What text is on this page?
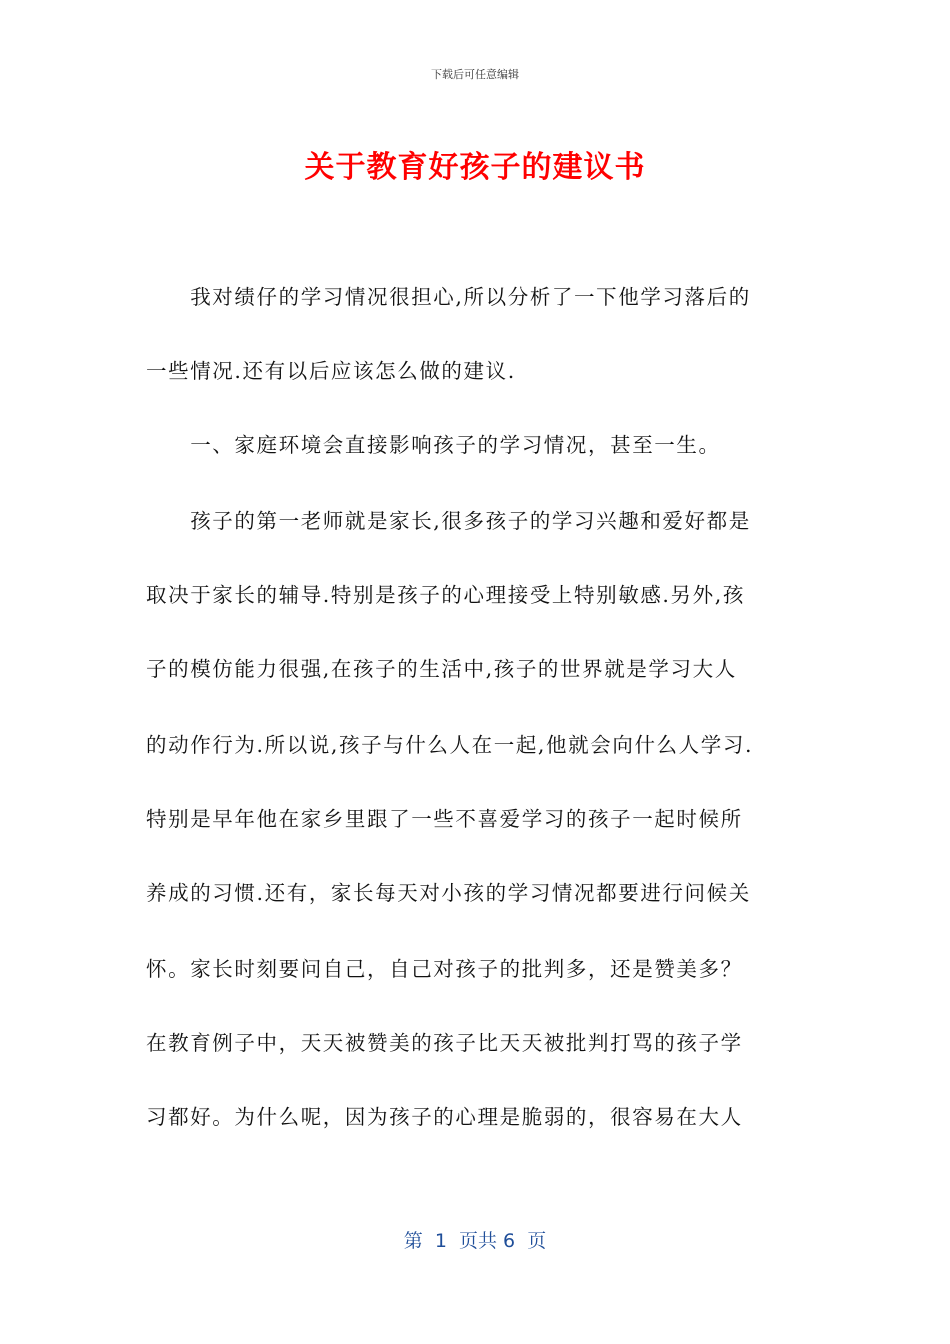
下载后可任意编辑
关于教育好孩子的建议书
　　我对绩仔的学习情况很担心,所以分析了一下他学习落后的
一些情况.还有以后应该怎么做的建议.
　　一、家庭环境会直接影响孩子的学习情况，甚至一生。
　　孩子的第一老师就是家长,很多孩子的学习兴趣和爱好都是
取决于家长的辅导.特别是孩子的心理接受上特别敏感.另外,孩
子的模仿能力很强,在孩子的生活中,孩子的世界就是学习大人
的动作行为.所以说,孩子与什么人在一起,他就会向什么人学习.
特别是早年他在家乡里跟了一些不喜爱学习的孩子一起时候所
养成的习惯.还有，家长每天对小孩的学习情况都要进行问候关
怀。家长时刻要问自己，自己对孩子的批判多，还是赞美多？
在教育例子中，天天被赞美的孩子比天天被批判打骂的孩子学
习都好。为什么呢，因为孩子的心理是脆弱的，很容易在大人
第  1  页共 6  页
